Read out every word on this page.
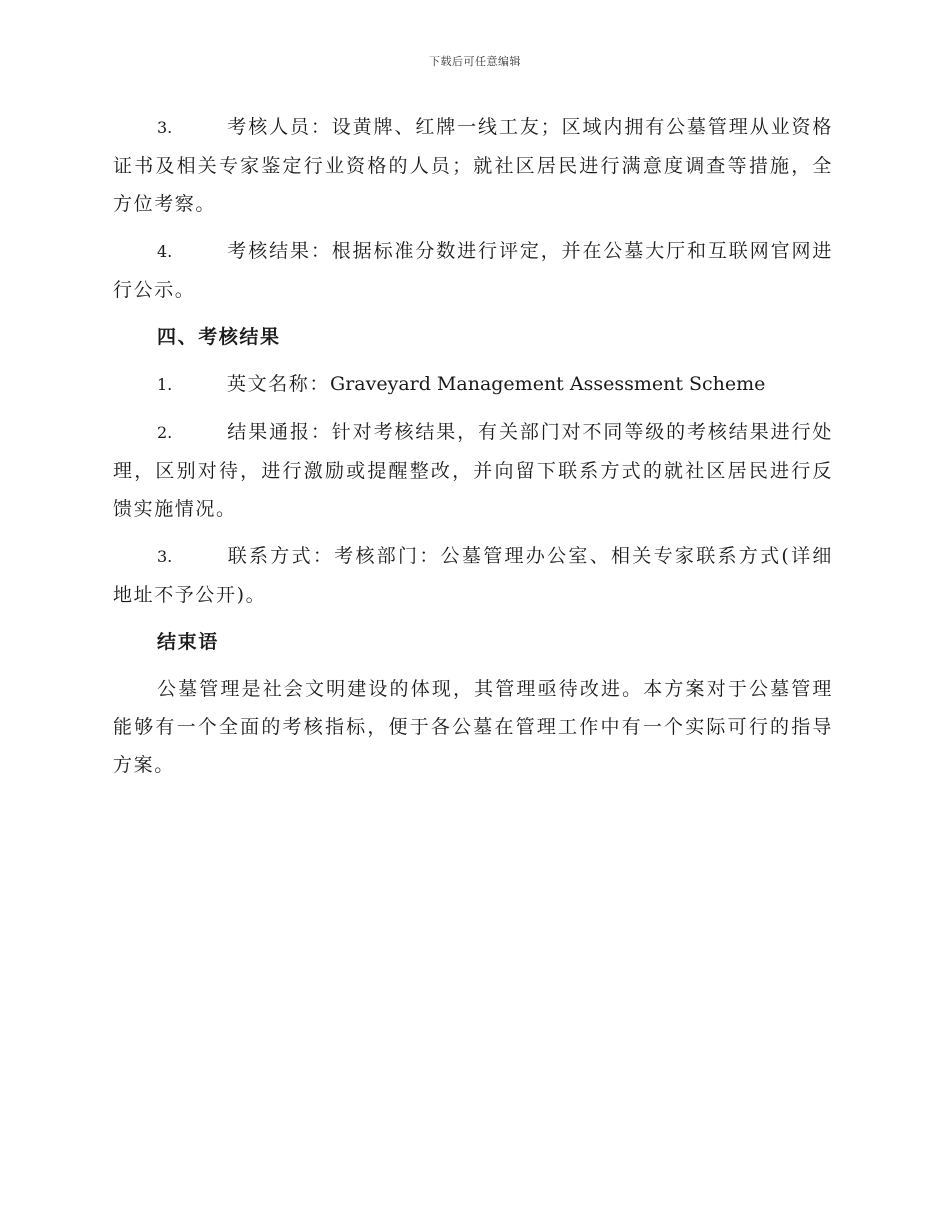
下载后可任意编辑

3.	考核人员：设黄牌、红牌一线工友；区域内拥有公墓管理从业资格证书及相关专家鉴定行业资格的人员；就社区居民进行满意度调查等措施，全方位考察。

4.	考核结果：根据标准分数进行评定，并在公墓大厅和互联网官网进行公示。

四、考核结果

1.	英文名称：Graveyard Management Assessment Scheme

2.	结果通报：针对考核结果，有关部门对不同等级的考核结果进行处理，区别对待，进行激励或提醒整改，并向留下联系方式的就社区居民进行反馈实施情况。

3.	联系方式：考核部门：公墓管理办公室、相关专家联系方式(详细地址不予公开)。

结束语

公墓管理是社会文明建设的体现，其管理亟待改进。本方案对于公墓管理能够有一个全面的考核指标，便于各公墓在管理工作中有一个实际可行的指导方案。
